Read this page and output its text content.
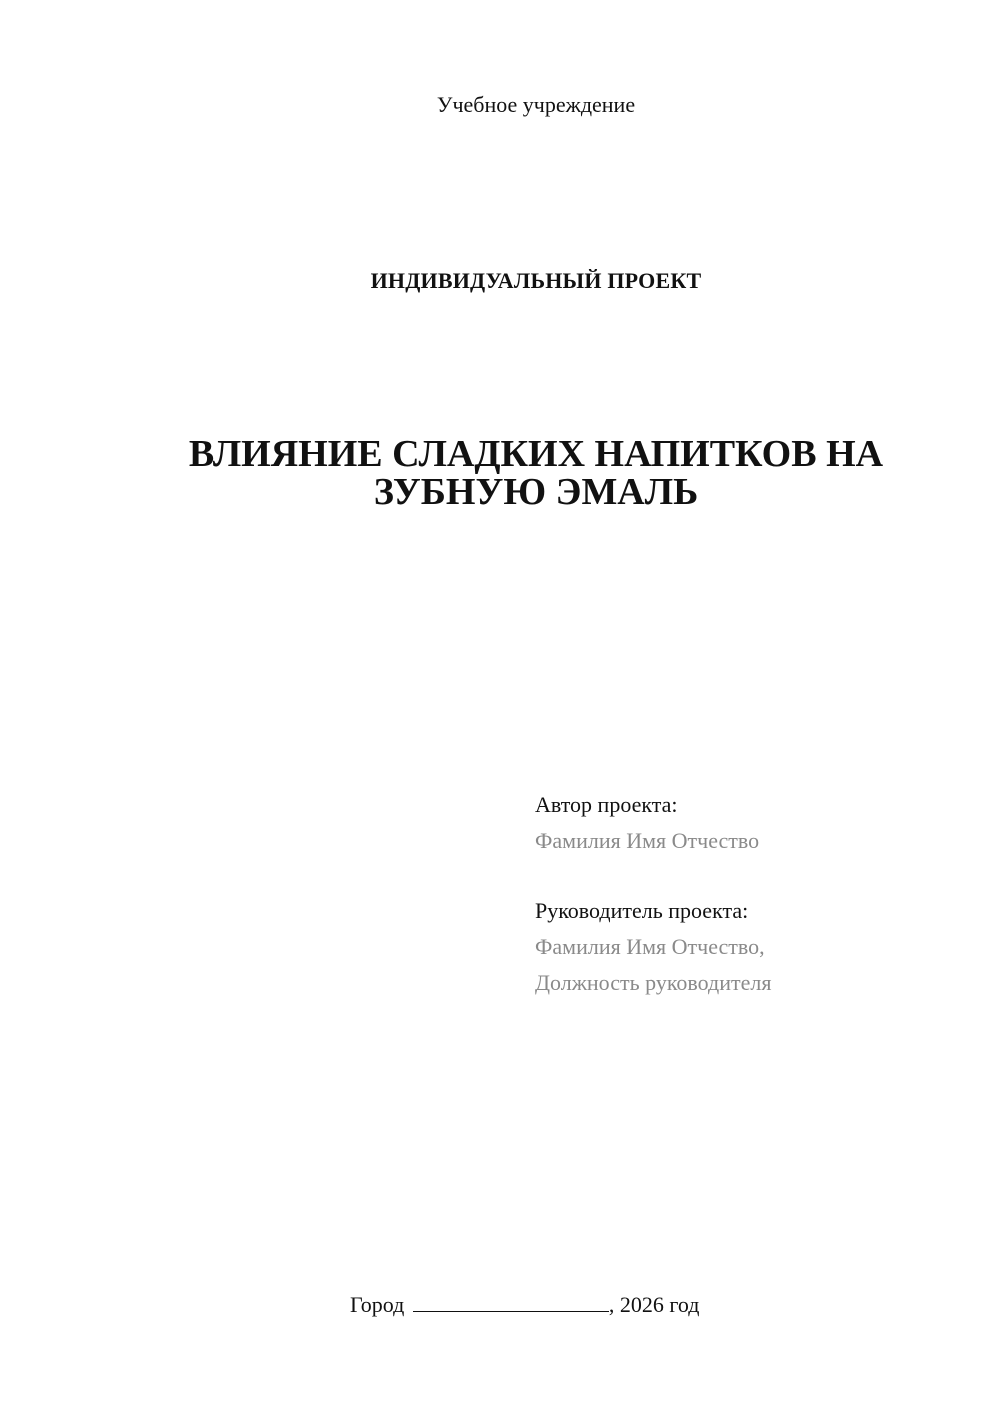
Учебное учреждение
ИНДИВИДУАЛЬНЫЙ ПРОЕКТ
ВЛИЯНИЕ СЛАДКИХ НАПИТКОВ НА
ЗУБНУЮ ЭМАЛЬ
Автор проекта:
Фамилия Имя Отчество
Руководитель проекта:
Фамилия Имя Отчество,
Должность руководителя
Город	, 2026 год
